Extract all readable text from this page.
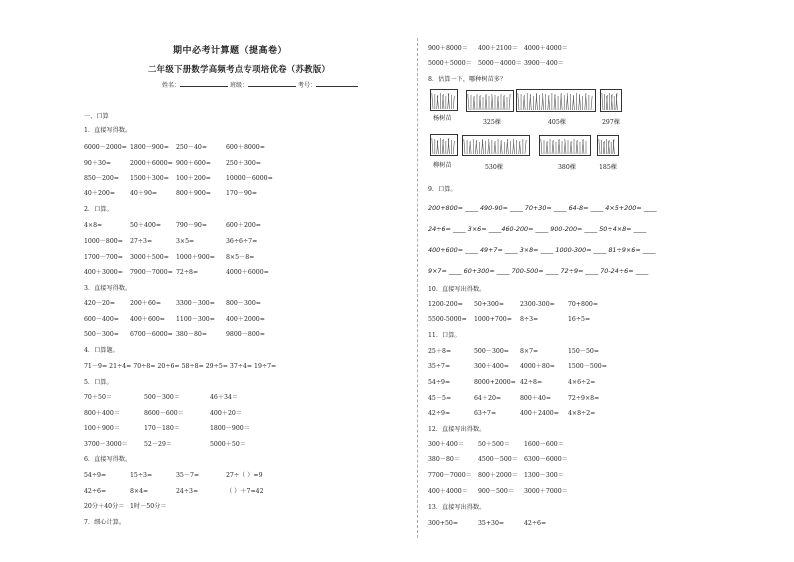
期中必考计算题（提高卷）
二年级下册数学高频考点专项培优卷（苏教版）
姓名：	班级：	考号：
一、口算
1．直接写得数。
6000－2000= 1800－900= 250－40=	600＋8000=
90＋30=	2000＋6000= 900＋600= 250＋300=
850－200= 1500＋300= 100＋200= 10000－6000=
40＋200= 40＋90=	800＋900= 170－90=
2．口算。
4×8=	50＋400= 790－90=	600＋200=
1000－800= 27÷3=	3×5=	36÷6÷7=
1700－700= 3000＋500= 1000＋900= 8×5－8=
400＋3000= 7900－7000= 72÷8=	4000＋6000=
3．直接写得数。
420－20= 200＋60= 3300－300= 800－300=
600－400= 400＋600= 1100－300= 400＋2000=
500－300= 6700－6000= 380－80=	9800－800=
4．口算题。
71－9= 21÷4= 70÷8= 20÷6= 58÷8= 29÷5= 37÷4= 19÷7=
5．口算。
70＋50＝	500－300＝	46＋34＝
800＋400＝	8600－600＝	400＋20＝
100＋900＝	170－180＝	1800－900＝
3700－3000＝	52－29＝	5000＋50＝
6．直接写得数。
54÷9=	15÷3=	35－7=	27÷（ ）=9
42÷6=	8×4=	24÷3=	（ ）＋7=42
20分＋40分＝ 1时－50分＝
7．细心计算。
900＋8000＝ 400＋2100＝ 4000＋4000＝
5000＋5000＝ 5000－4000＝ 3900－400＝
8．估算一下，哪种树苗多？
9．口算。
10．直接写出得数。
1200-200= 50+300=	2300-300= 70+800=
5500-5000= 1000+700= 8÷3=	16÷5=
11．口算。
25＋8=	500－300= 8×7=	150－50=
35÷7=	300＋400= 4000＋80= 1500－500=
54÷9=	8000+2000= 42÷8=	4×6÷2=
45－5=	64＋20=	800＋40=	72÷9×8=
42÷9=	63÷7=	400＋2400= 4×8÷2=
12．直接写出得数。
300＋400＝ 50＋500＝ 1600－600＝
380－80＝	4500－500＝ 6300－6000＝
7700－7000＝ 800＋2000＝ 1300－300＝
400＋4000＝ 900－500＝ 3000＋7000＝
13．直接写出得数。
300+50=	35+30=	42÷6=
200+800= ____ 490-90= ____ 70+30= ____ 64-8= ____ 4×5+200= ____
24÷6= ____ 3×6= ____460-200= ____ 900-200= ____ 50÷4×8= ____
400+600= ____ 49+7= ____ 3×8= ____ 1000-300= ____ 81÷9×6= ____
9×7= ____ 60+300= ____ 700-500= ____ 72÷9= ____ 70-24÷6= ____
杨树苗
325棵	405棵	297棵
柳树苗	530棵	380棵	185棵
